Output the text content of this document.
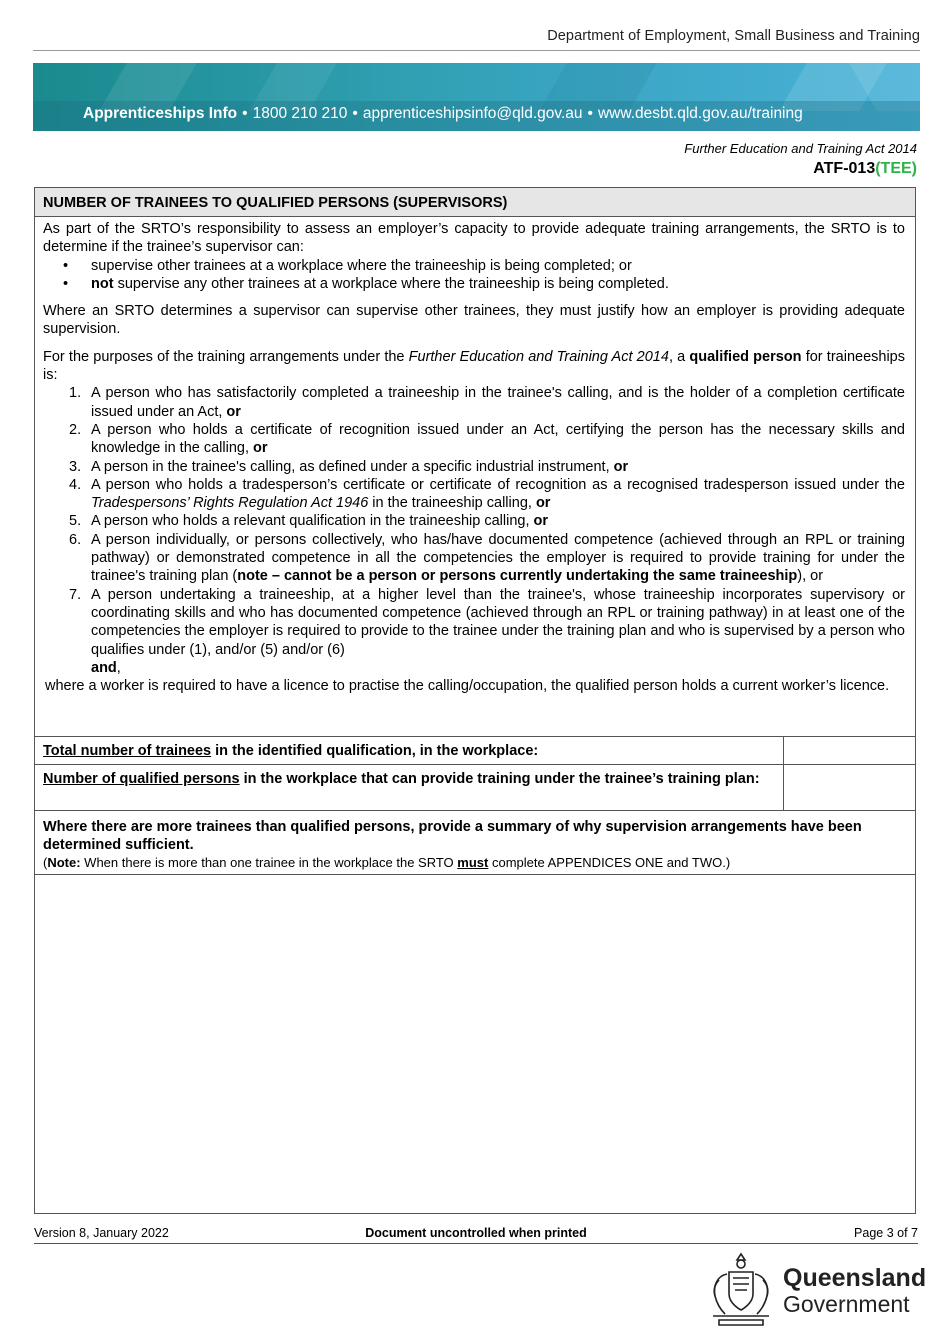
Department of Employment, Small Business and Training
Apprenticeships Info • 1800 210 210 • apprenticeshipsinfo@qld.gov.au • www.desbt.qld.gov.au/training
Further Education and Training Act 2014
ATF-013(TEE)
NUMBER OF TRAINEES TO QUALIFIED PERSONS (SUPERVISORS)

As part of the SRTO’s responsibility to assess an employer’s capacity to provide adequate training arrangements, the SRTO is to determine if the trainee’s supervisor can:

• supervise other trainees at a workplace where the traineeship is being completed; or
• not supervise any other trainees at a workplace where the traineeship is being completed.

Where an SRTO determines a supervisor can supervise other trainees, they must justify how an employer is providing adequate supervision.

For the purposes of the training arrangements under the Further Education and Training Act 2014, a qualified person for traineeships is:

1. A person who has satisfactorily completed a traineeship in the trainee's calling, and is the holder of a completion certificate issued under an Act, or
2. A person who holds a certificate of recognition issued under an Act, certifying the person has the necessary skills and knowledge in the calling, or
3. A person in the trainee's calling, as defined under a specific industrial instrument, or
4. A person who holds a tradesperson’s certificate or certificate of recognition as a recognised tradesperson issued under the Tradespersons’ Rights Regulation Act 1946 in the traineeship calling, or
5. A person who holds a relevant qualification in the traineeship calling, or
6. A person individually, or persons collectively, who has/have documented competence (achieved through an RPL or training pathway) or demonstrated competence in all the competencies the employer is required to provide training for under the trainee's training plan (note – cannot be a person or persons currently undertaking the same traineeship), or
7. A person undertaking a traineeship, at a higher level than the trainee's, whose traineeship incorporates supervisory or coordinating skills and who has documented competence (achieved through an RPL or training pathway) in at least one of the competencies the employer is required to provide to the trainee under the training plan and who is supervised by a person who qualifies under (1), and/or (5) and/or (6)
and,

where a worker is required to have a licence to practise the calling/occupation, the qualified person holds a current worker’s licence.

Total number of trainees in the identified qualification, in the workplace:
Number of qualified persons in the workplace that can provide training under the trainee’s training plan:
Where there are more trainees than qualified persons, provide a summary of why supervision arrangements have been determined sufficient.
(Note: When there is more than one trainee in the workplace the SRTO must complete APPENDICES ONE and TWO.)
Version 8, January 2022	Document uncontrolled when printed	Page 3 of 7
Queensland
Government
